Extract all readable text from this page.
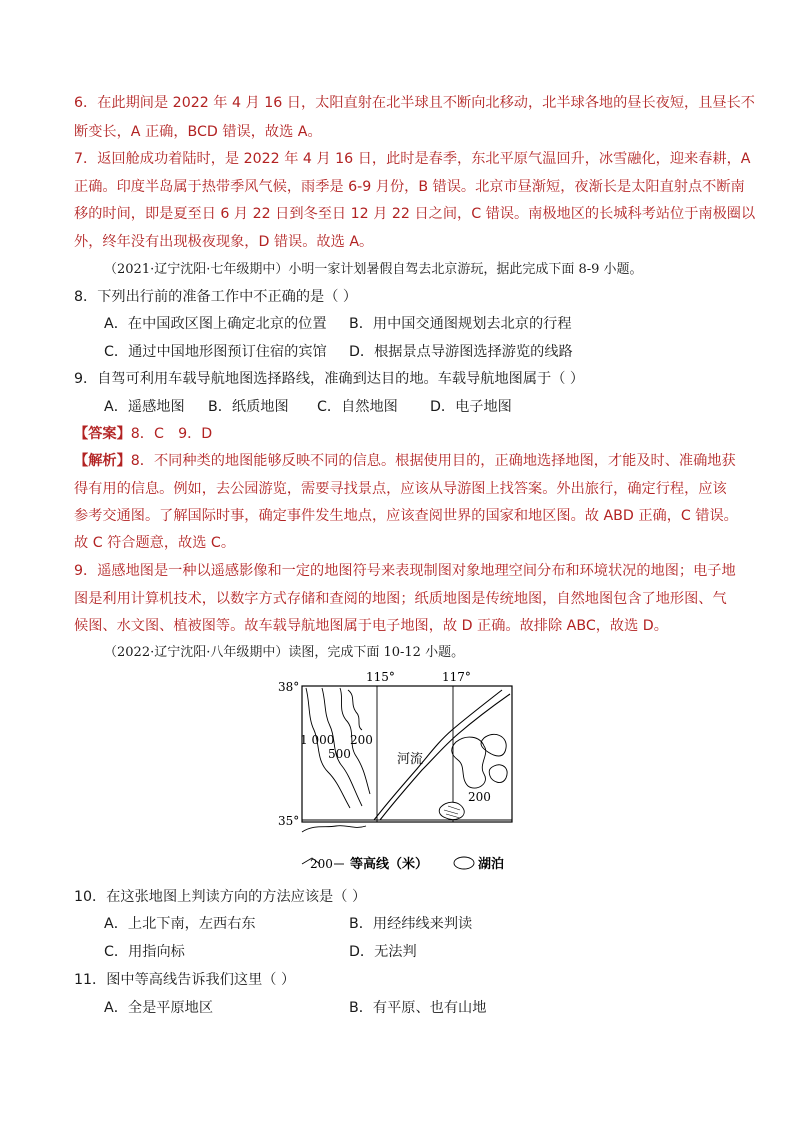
6．在此期间是 2022 年 4 月 16 日，太阳直射在北半球且不断向北移动，北半球各地的昼长夜短，且昼长不
断变长，A 正确，BCD 错误，故选 A。
7．返回舱成功着陆时，是 2022 年 4 月 16 日，此时是春季，东北平原气温回升，冰雪融化，迎来春耕，A
正确。印度半岛属于热带季风气候，雨季是 6-9 月份，B 错误。北京市昼渐短，夜渐长是太阳直射点不断南
移的时间，即是夏至日 6 月 22 日到冬至日 12 月 22 日之间，C 错误。南极地区的长城科考站位于南极圈以
外，终年没有出现极夜现象，D 错误。故选 A。
（2021·辽宁沈阳·七年级期中）小明一家计划暑假自驾去北京游玩，据此完成下面 8-9 小题。
8．下列出行前的准备工作中不正确的是（ ）
A．在中国政区图上确定北京的位置 B．用中国交通图规划去北京的行程
C．通过中国地形图预订住宿的宾馆 D．根据景点导游图选择游览的线路
9．自驾可利用车载导航地图选择路线，准确到达目的地。车载导航地图属于（ ）
A．遥感地图 B．纸质地图 C．自然地图 D．电子地图
【答案】8．C　9．D
【解析】8．不同种类的地图能够反映不同的信息。根据使用目的，正确地选择地图，才能及时、准确地获
得有用的信息。例如，去公园游览，需要寻找景点，应该从导游图上找答案。外出旅行，确定行程，应该
参考交通图。了解国际时事，确定事件发生地点，应该查阅世界的国家和地区图。故 ABD 正确，C 错误。
故 C 符合题意，故选 C。
9．遥感地图是一种以遥感影像和一定的地图符号来表现制图对象地理空间分布和环境状况的地图；电子地
图是利用计算机技术，以数字方式存储和查阅的地图；纸质地图是传统地图，自然地图包含了地形图、气
候图、水文图、植被图等。故车载导航地图属于电子地图，故 D 正确。故排除 ABC，故选 D。
（2022·辽宁沈阳·八年级期中）读图，完成下面 10-12 小题。
38°
35°
115°	117°
1 000 200
500
200
河流
200 等高线（米）	湖泊
10．在这张地图上判读方向的方法应该是（ ）
A．上北下南，左西右东	B．用经纬线来判读
C．用指向标	D．无法判
11．图中等高线告诉我们这里（ ）
A．全是平原地区	B．有平原、也有山地
